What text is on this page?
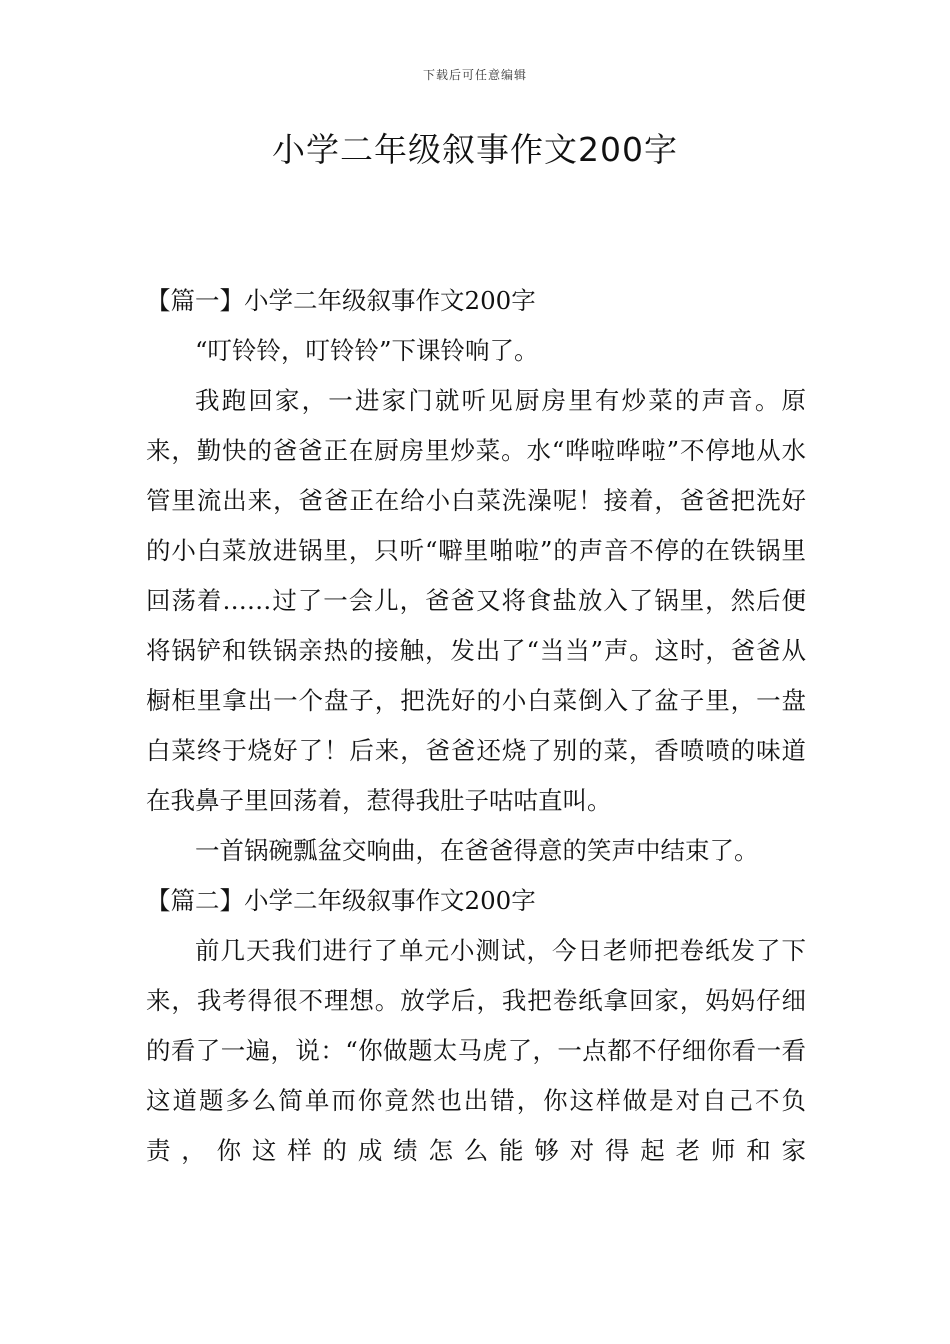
下载后可任意编辑
小学二年级叙事作文200字

【篇一】小学二年级叙事作文200字

“叮铃铃，叮铃铃”下课铃响了。

我跑回家，一进家门就听见厨房里有炒菜的声音。原来，勤快的爸爸正在厨房里炒菜。水“哗啦哗啦”不停地从水管里流出来，爸爸正在给小白菜洗澡呢！接着，爸爸把洗好的小白菜放进锅里，只听“噼里啪啦”的声音不停的在铁锅里回荡着……过了一会儿，爸爸又将食盐放入了锅里，然后便将锅铲和铁锅亲热的接触，发出了“当当”声。这时，爸爸从橱柜里拿出一个盘子，把洗好的小白菜倒入了盆子里，一盘白菜终于烧好了！后来，爸爸还烧了别的菜，香喷喷的味道在我鼻子里回荡着，惹得我肚子咕咕直叫。

一首锅碗瓢盆交响曲，在爸爸得意的笑声中结束了。

【篇二】小学二年级叙事作文200字

前几天我们进行了单元小测试，今日老师把卷纸发了下来，我考得很不理想。放学后，我把卷纸拿回家，妈妈仔细的看了一遍，说：“你做题太马虎了，一点都不仔细你看一看这道题多么简单而你竟然也出错，你这样做是对自己不负责，你这样的成绩怎么能够对得起老师和家
